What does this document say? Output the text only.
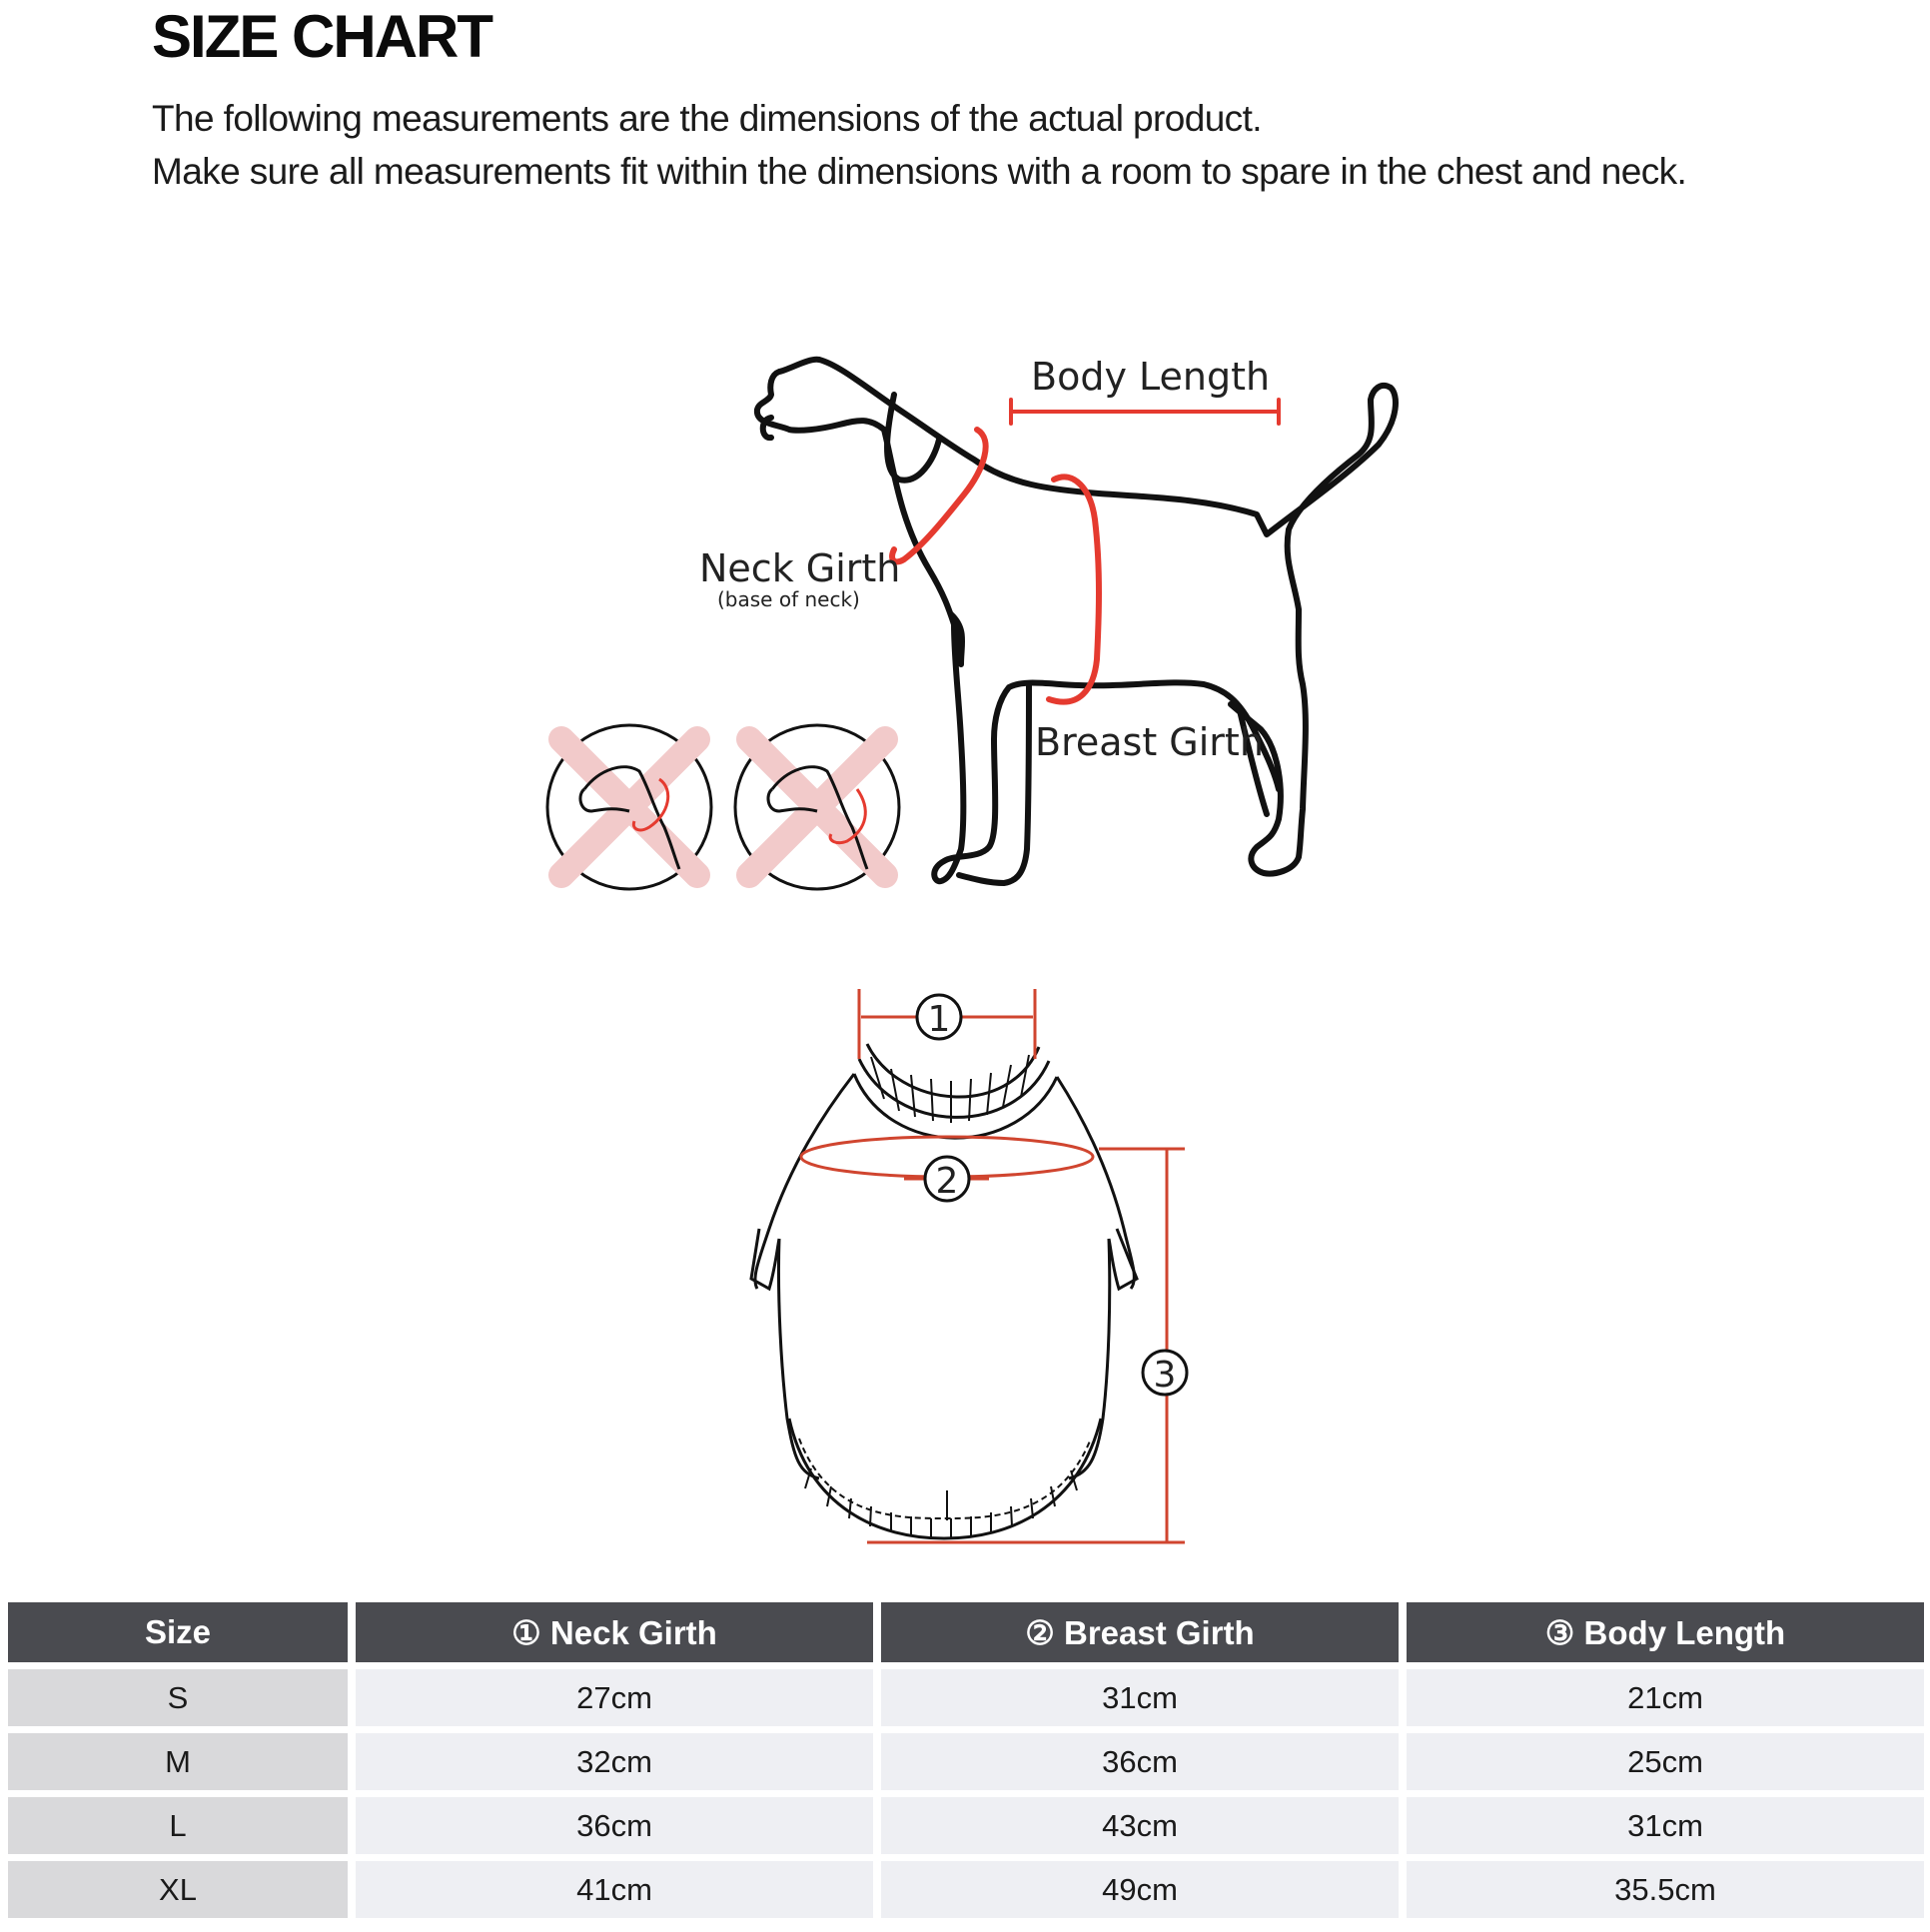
SIZE CHART
The following measurements are the dimensions of the actual product.
Make sure all measurements fit within the dimensions with a room to spare in the chest and neck.
Body Length
Neck Girth
(base of neck)
Breast Girth
1
2
3
Size	① Neck Girth	② Breast Girth	③ Body Length
S	27cm	31cm	21cm
M	32cm	36cm	25cm
L	36cm	43cm	31cm
XL	41cm	49cm	35.5cm
